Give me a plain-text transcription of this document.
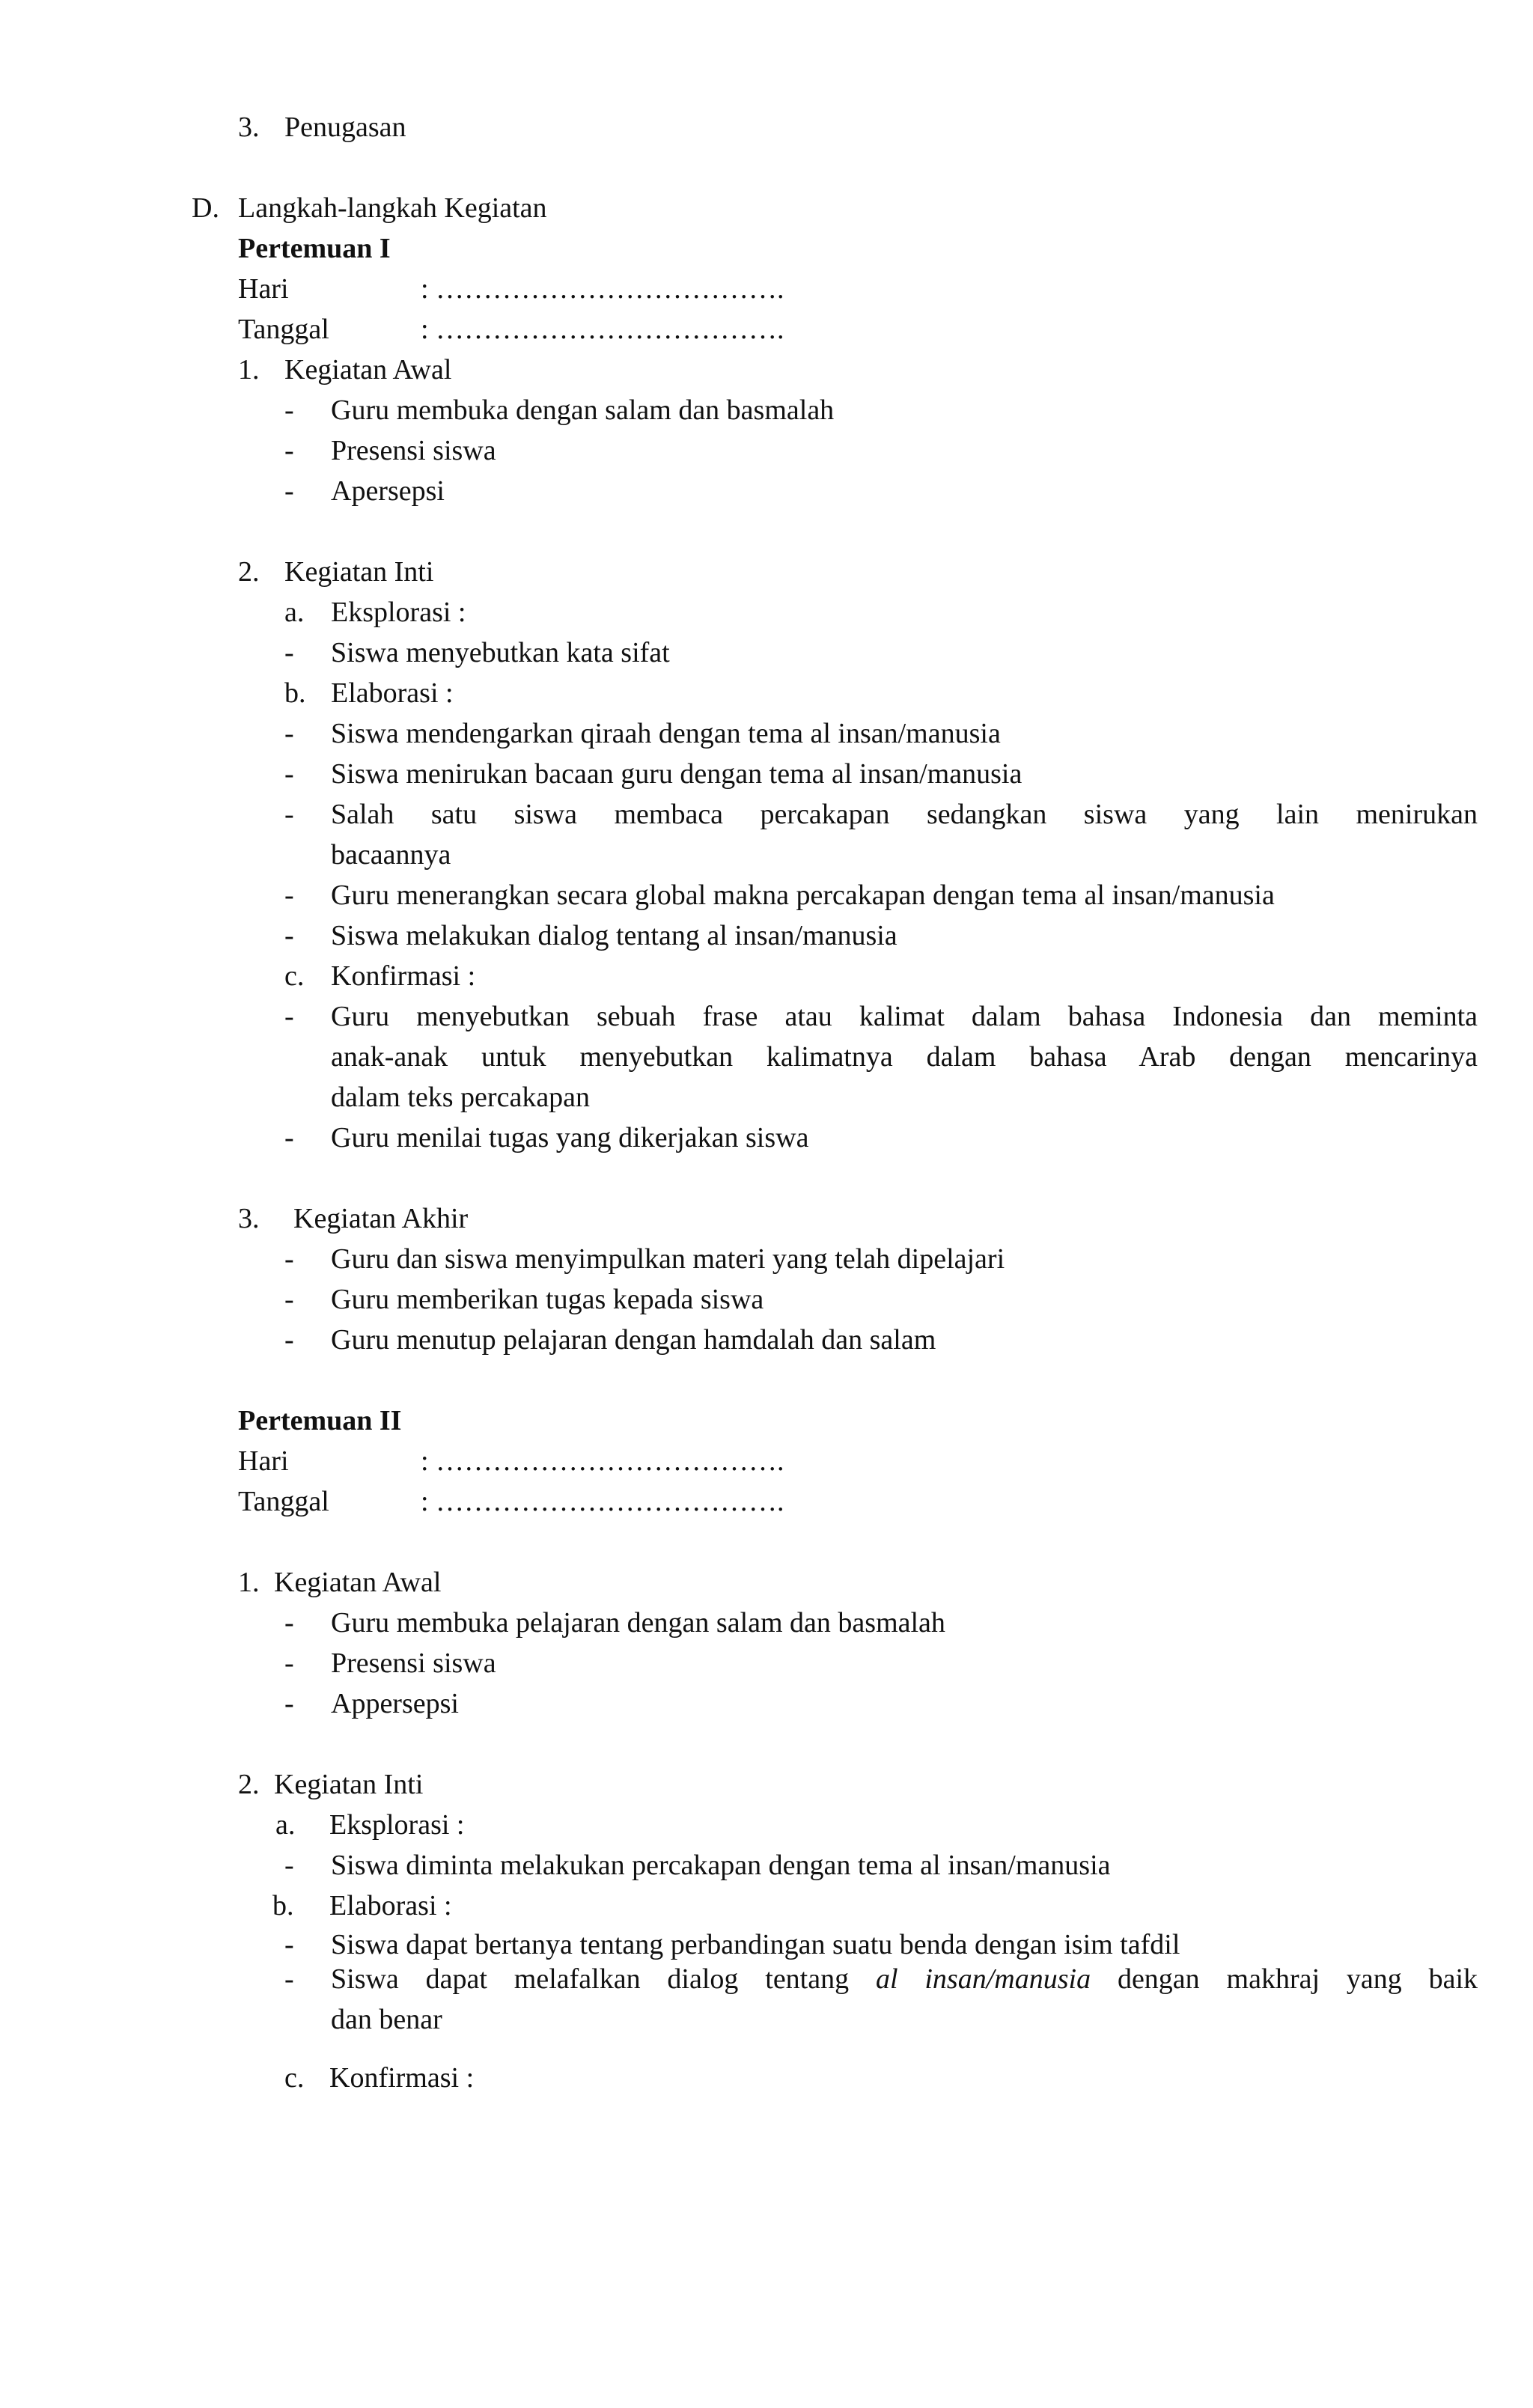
3. Penugasan
D. Langkah-langkah Kegiatan
Pertemuan I
Hari	: ……………………………….
Tanggal	: ……………………………….
1. Kegiatan Awal
- Guru membuka dengan salam dan basmalah
- Presensi siswa
- Apersepsi
2. Kegiatan Inti
a. Eksplorasi :
- Siswa menyebutkan kata sifat
b. Elaborasi :
- Siswa mendengarkan qiraah dengan tema al insan/manusia
- Siswa menirukan bacaan guru dengan tema al insan/manusia
- Salah satu siswa membaca percakapan sedangkan siswa yang lain menirukan
bacaannya
- Guru menerangkan secara global makna percakapan dengan tema al insan/manusia
- Siswa melakukan dialog tentang al insan/manusia
c. Konfirmasi :
- Guru menyebutkan sebuah frase atau kalimat dalam bahasa Indonesia dan meminta
anak-anak untuk menyebutkan kalimatnya dalam bahasa Arab dengan mencarinya
dalam teks percakapan
- Guru menilai tugas yang dikerjakan siswa
3. Kegiatan Akhir
- Guru dan siswa menyimpulkan materi yang telah dipelajari
- Guru memberikan tugas kepada siswa
- Guru menutup pelajaran dengan hamdalah dan salam
Pertemuan II
Hari	: ……………………………….
Tanggal	: ……………………………….
1. Kegiatan Awal
- Guru membuka pelajaran dengan salam dan basmalah
- Presensi siswa
- Appersepsi
2. Kegiatan Inti
a. Eksplorasi :
- Siswa diminta melakukan percakapan dengan tema al insan/manusia
b. Elaborasi :
- Siswa dapat bertanya tentang perbandingan suatu benda dengan isim tafdil
- Siswa dapat melafalkan dialog tentang al insan/manusia dengan makhraj yang baik
dan benar
c. Konfirmasi :
